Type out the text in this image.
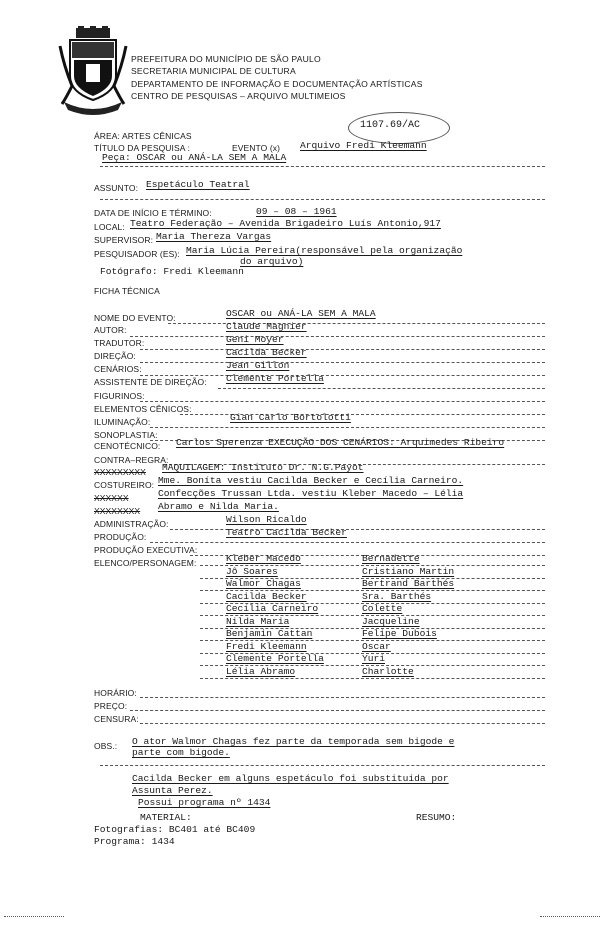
PREFEITURA DO MUNICÍPIO DE SÃO PAULO
SECRETARIA MUNICIPAL DE CULTURA
DEPARTAMENTO DE INFORMAÇÃO E DOCUMENTAÇÃO ARTÍSTICAS
CENTRO DE PESQUISAS – ARQUIVO MULTIMEIOS
1107.69/AC
ÁREA: ARTES CÊNICAS
TÍTULO DA PESQUISA :	EVENTO (x) Arquivo Fredi Kleemann
Peça: OSCAR ou ANÁ-LA SEM A MALA
ASSUNTO: Espetáculo Teatral
DATA DE INÍCIO E TÉRMINO:	09 – 08 – 1961
LOCAL: Teatro Federação – Avenida Brigadeiro Luís Antonio,917
SUPERVISOR: Maria Thereza Vargas
PESQUISADOR (ES): Maria Lúcia Pereira(responsável pela organização
do arquivo)
Fotógrafo: Fredi Kleemann
FICHA TÉCNICA
NOME DO EVENTO:	OSCAR ou ANÁ-LA SEM A MALA
AUTOR:	Claude Magnier
TRADUTOR:	Geni Moyer
DIREÇÃO:	Cacilda Becker
CENÁRIOS:	Jean Gillon
ASSISTENTE DE DIREÇÃO: Clemente Portella
FIGURINOS:
ELEMENTOS CÊNICOS:
ILUMINAÇÃO:	Gian Carlo Bortolotti
SONOPLASTIA:
CENOTÉCNICO: Carlos Sperenza EXECUÇÃO DOS CENÁRIOS: Arquimedes Ribeiro
CONTRA–REGRA:
XXXXXXXXX MAQUILAGEM: Instituto Dr. N.G.Payot
COSTUREIRO: Mme. Boníta vestiu Cacilda Becker e Cecília Carneiro.
XXXXXX	Confecções Trussan Ltda. vestiu Kleber Macedo – Lélia
XXXXXXXX Abramo e Nilda Maria.
ADMINISTRAÇÃO:	Wilson Ricaldo
PRODUÇÃO:	Teatro Cacilda Becker
PRODUÇÃO EXECUTIVA:
ELENCO/PERSONAGEM:	Kleber Macedo	Bernadette
Jô Soares	Cristiano Martin
Walmor Chagas	Bertrand Barthés
Cacilda Becker	Sra. Barthés
Cecília Carneiro	Colette
Nilda Maria	Jacqueline
Benjamin Cattan	Felipe Dubois
Fredi Kleemann	Oscar
Clemente Portella	Yuri
Lélia Abramo	Charlotte
HORÁRIO:
PREÇO:
CENSURA:
OBS.: O ator Walmor Chagas fez parte da temporada sem bigode e
parte com bigode.
Cacilda Becker em alguns espetáculo foi substituida por
Assunta Perez.
Possui programa nº 1434
MATERIAL:	RESUMO:
Fotografias: BC401 até BC409
Programa: 1434
